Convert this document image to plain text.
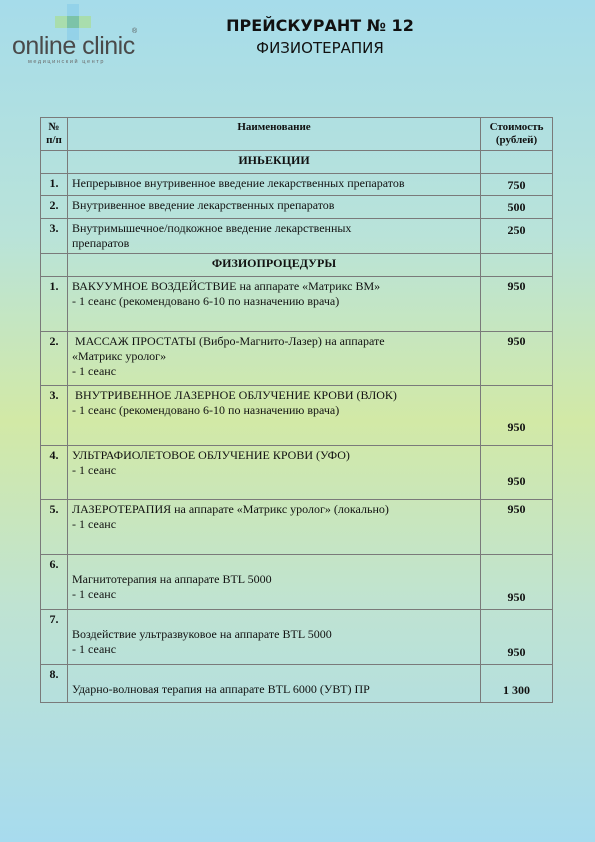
online clinic
®
медицинский центр
ПРЕЙСКУРАНТ № 12
ФИЗИОТЕРАПИЯ
№ п/п	Наименование	Стоимость (рублей)
	ИНЬЕКЦИИ	
1.	Непрерывное внутривенное введение лекарственных препаратов	750
2.	Внутривенное введение лекарственных препаратов	500
3.	Внутримышечное/подкожное введение лекарственных
препаратов	250
	ФИЗИОПРОЦЕДУРЫ	
1.	ВАКУУМНОЕ ВОЗДЕЙСТВИЕ на аппарате «Матрикс ВМ»
- 1 сеанс (рекомендовано 6-10 по назначению врача)	950
2.	МАССАЖ ПРОСТАТЫ (Вибро-Магнито-Лазер) на аппарате
«Матрикс уролог»
- 1 сеанс	950
3.	ВНУТРИВЕННОЕ ЛАЗЕРНОЕ ОБЛУЧЕНИЕ КРОВИ (ВЛОК)
- 1 сеанс (рекомендовано 6-10 по назначению врача)	950
4.	УЛЬТРАФИОЛЕТОВОЕ ОБЛУЧЕНИЕ КРОВИ (УФО)
- 1 сеанс	950
5.	ЛАЗЕРОТЕРАПИЯ на аппарате «Матрикс уролог» (локально)
- 1 сеанс	950
6.	Магнитотерапия на аппарате BTL 5000
- 1 сеанс	950
7.	Воздействие ультразвуковое на аппарате BTL 5000
- 1 сеанс	950
8.	Ударно-волновая терапия на аппарате BTL 6000 (УВТ) ПР	1 300
